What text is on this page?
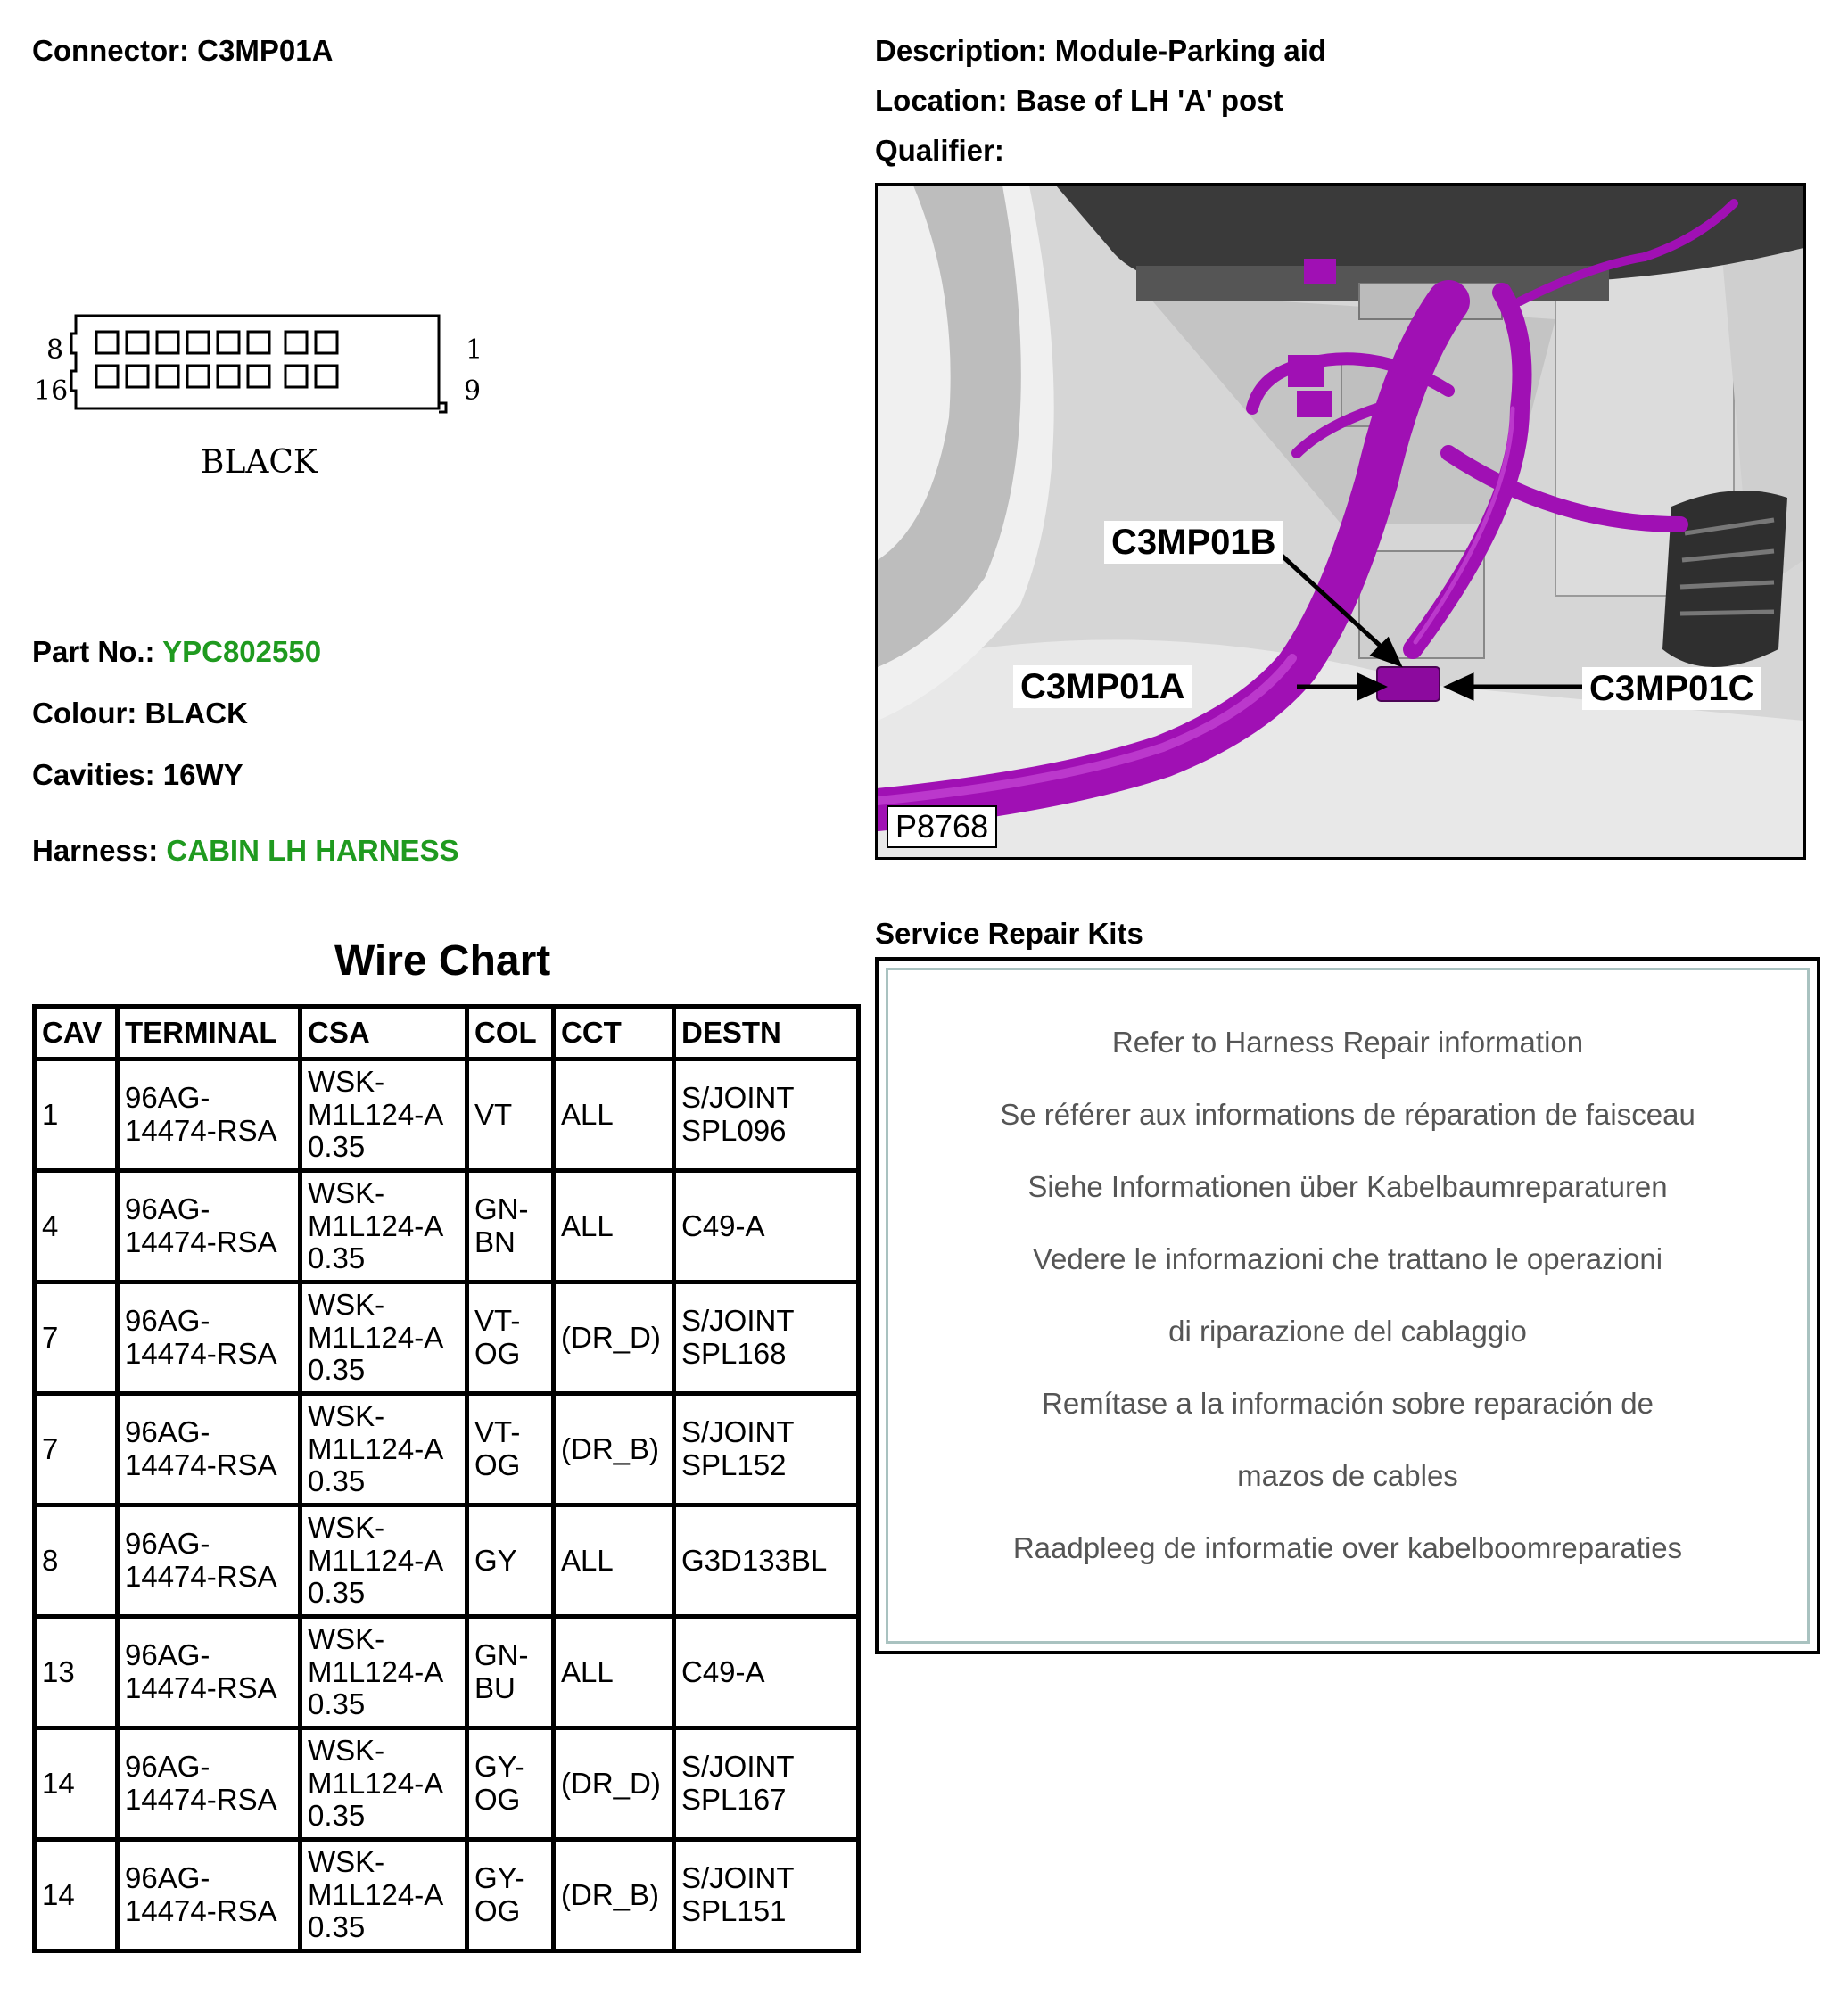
Connector: C3MP01A	Description: Module-Parking aid
Location: Base of LH 'A' post
Qualifier:
8	1
16	9
BLACK
Part No.: YPC802550
Colour: BLACK
Cavities: 16WY
Harness: CABIN LH HARNESS
Wire Chart
CAV	TERMINAL	CSA	COL	CCT	DESTN
1	96AG-
14474-RSA	WSK-
M1L124-A
0.35	VT	ALL	S/JOINT
SPL096
4	96AG-
14474-RSA	WSK-
M1L124-A
0.35	GN-
BN	ALL	C49-A
7	96AG-
14474-RSA	WSK-
M1L124-A
0.35	VT-
OG	(DR_D)	S/JOINT
SPL168
7	96AG-
14474-RSA	WSK-
M1L124-A
0.35	VT-
OG	(DR_B)	S/JOINT
SPL152
8	96AG-
14474-RSA	WSK-
M1L124-A
0.35	GY	ALL	G3D133BL
13	96AG-
14474-RSA	WSK-
M1L124-A
0.35	GN-
BU	ALL	C49-A
14	96AG-
14474-RSA	WSK-
M1L124-A
0.35	GY-
OG	(DR_D)	S/JOINT
SPL167
14	96AG-
14474-RSA	WSK-
M1L124-A
0.35	GY-
OG	(DR_B)	S/JOINT
SPL151
C3MP01B
C3MP01A	C3MP01C
P8768
Service Repair Kits
Refer to Harness Repair information
Se référer aux informations de réparation de faisceau
Siehe Informationen über Kabelbaumreparaturen
Vedere le informazioni che trattano le operazioni
di riparazione del cablaggio
Remítase a la información sobre reparación de
mazos de cables
Raadpleeg de informatie over kabelboomreparaties
